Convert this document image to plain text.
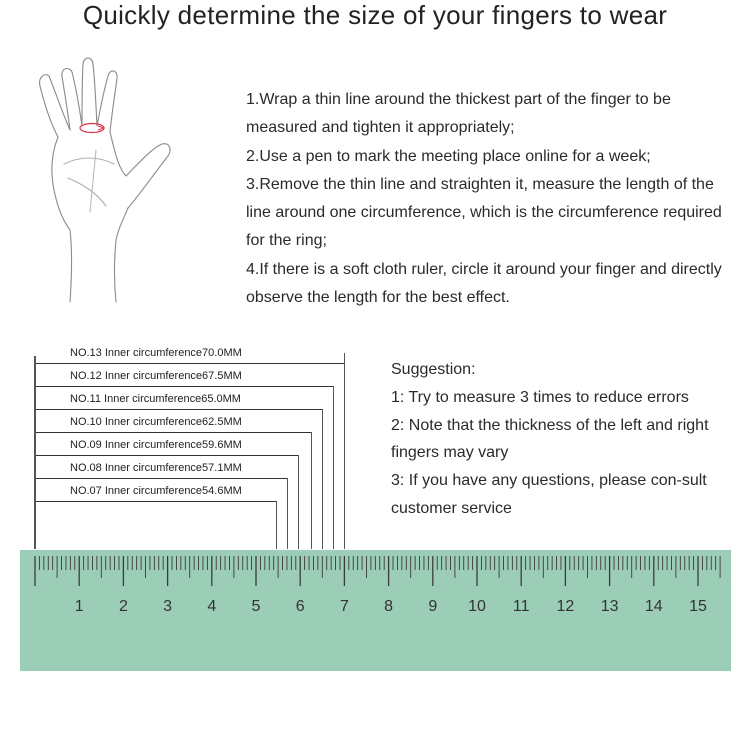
Quickly determine the size of your fingers to wear

1.Wrap a thin line around the thickest part of the finger to be measured and tighten it appropriately;

2.Use a pen to mark the meeting place online for a week;

3.Remove the thin line and straighten it, measure the length of the line around one circumference, which is the circumference required for the ring;

4.If there is a soft cloth ruler, circle it around your finger and directly observe the length for the best effect.

NO.13 Inner circumference70.0MM
NO.12 Inner circumference67.5MM
NO.11 Inner circumference65.0MM
NO.10 Inner circumference62.5MM
NO.09 Inner circumference59.6MM
NO.08 Inner circumference57.1MM
NO.07 Inner circumference54.6MM

Suggestion:

1: Try to measure 3 times to reduce errors

2: Note that the thickness of the left and right fingers may vary

3: If you have any questions, please con-sult customer service

1 2 3 4 5 6 7 8 9 10 11 12 13 14 15
